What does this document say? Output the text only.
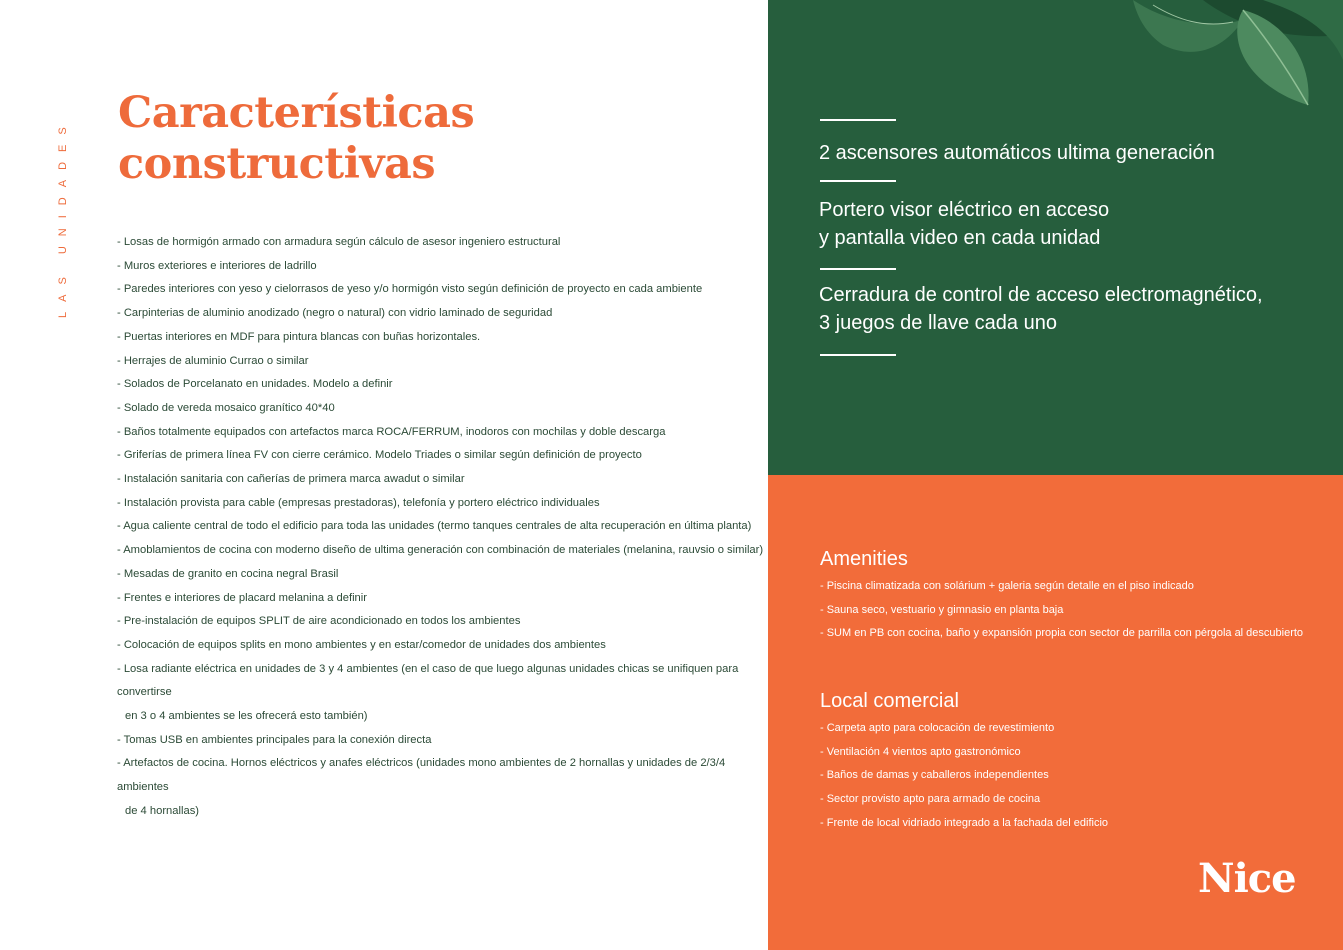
LAS UNIDADES
Características
constructivas
- Losas de hormigón armado con armadura según cálculo de asesor ingeniero estructural
- Muros exteriores e interiores de ladrillo
- Paredes interiores con yeso y cielorrasos de yeso y/o hormigón visto según definición de proyecto en cada ambiente
- Carpinterias de aluminio anodizado (negro o natural) con vidrio laminado de seguridad
- Puertas interiores en MDF para pintura blancas con buñas horizontales.
- Herrajes de aluminio Currao o similar
- Solados de Porcelanato en unidades. Modelo a definir
- Solado de vereda mosaico granítico 40*40
- Baños totalmente equipados con artefactos marca ROCA/FERRUM, inodoros con mochilas y doble descarga
- Griferías de primera línea FV con cierre cerámico. Modelo Triades o similar según definición de proyecto
- Instalación sanitaria con cañerías de primera marca awadut o similar
- Instalación provista para cable (empresas prestadoras), telefonía y portero eléctrico individuales
- Agua caliente central de todo el edificio para toda las unidades (termo tanques centrales de alta recuperación en última planta)
- Amoblamientos de cocina con moderno diseño de ultima generación con combinación de materiales (melanina, rauvsio o similar)
- Mesadas de granito en cocina negral Brasil
- Frentes e interiores de placard melanina a definir
- Pre-instalación de equipos SPLIT de aire acondicionado en todos los ambientes
- Colocación de equipos splits en mono ambientes y en estar/comedor de unidades dos ambientes
- Losa radiante eléctrica en unidades de 3 y 4 ambientes (en el caso de que luego algunas unidades chicas se unifiquen para convertirse
en 3 o 4 ambientes se les ofrecerá esto también)
- Tomas USB en ambientes principales para la conexión directa
- Artefactos de cocina. Hornos eléctricos y anafes eléctricos (unidades mono ambientes de 2 hornallas y unidades de 2/3/4 ambientes
de 4 hornallas)
2 ascensores automáticos ultima generación
Portero visor eléctrico en acceso
y pantalla video en cada unidad
Cerradura de control de acceso electromagnético,
3 juegos de llave cada uno
Amenities
- Piscina climatizada con solárium + galeria según detalle en el piso indicado
- Sauna seco, vestuario y gimnasio en planta baja
- SUM en PB con cocina, baño y expansión propia con sector de parrilla con pérgola al descubierto
Local comercial
- Carpeta apto para colocación de revestimiento
- Ventilación 4 vientos apto gastronómico
- Baños de damas y caballeros independientes
- Sector provisto apto para armado de cocina
- Frente de local vidriado integrado a la fachada del edificio
Nice
